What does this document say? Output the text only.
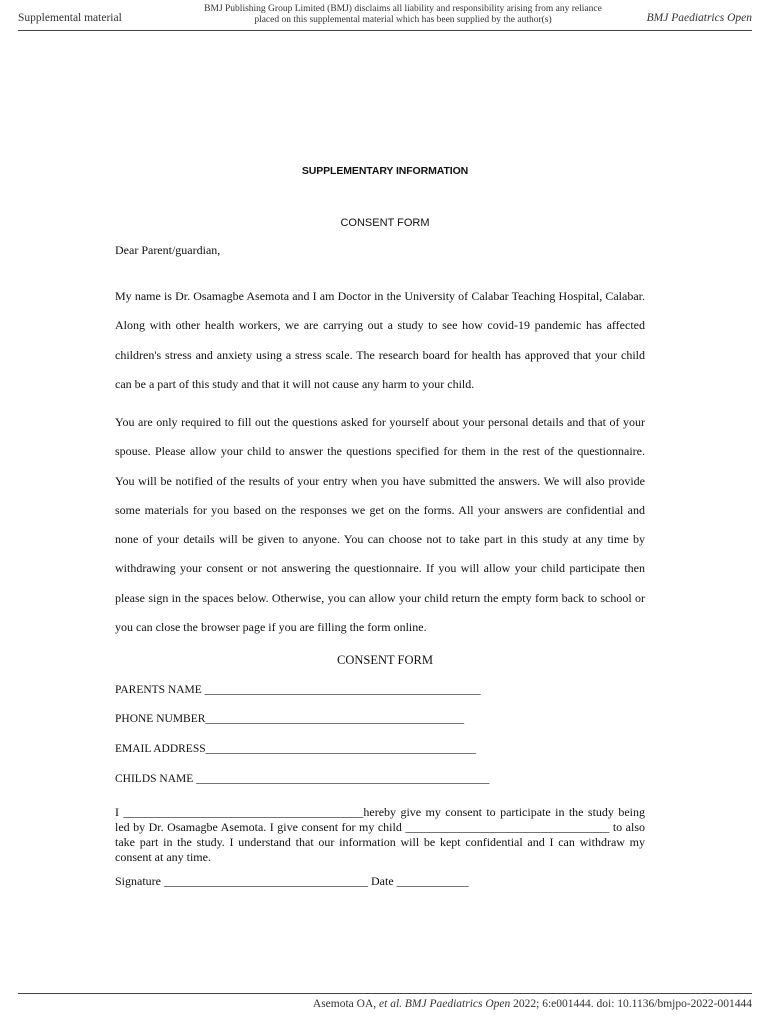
Supplemental material
BMJ Publishing Group Limited (BMJ) disclaims all liability and responsibility arising from any reliance
placed on this supplemental material which has been supplied by the author(s)	BMJ Paediatrics Open
SUPPLEMENTARY INFORMATION
CONSENT FORM
Dear Parent/guardian,

My name is Dr. Osamagbe Asemota and I am Doctor in the University of Calabar Teaching Hospital, Calabar. Along with other health workers, we are carrying out a study to see how covid-19 pandemic has affected children's stress and anxiety using a stress scale. The research board for health has approved that your child can be a part of this study and that it will not cause any harm to your child.

You are only required to fill out the questions asked for yourself about your personal details and that of your spouse. Please allow your child to answer the questions specified for them in the rest of the questionnaire. You will be notified of the results of your entry when you have submitted the answers. We will also provide some materials for you based on the responses we get on the forms. All your answers are confidential and none of your details will be given to anyone. You can choose not to take part in this study at any time by withdrawing your consent or not answering the questionnaire. If you will allow your child participate then please sign in the spaces below. Otherwise, you can allow your child return the empty form back to school or you can close the browser page if you are filling the form online.

CONSENT FORM
PARENTS NAME ________________________________________________
PHONE NUMBER_____________________________________________
EMAIL ADDRESS_______________________________________________
CHILDS NAME ___________________________________________________

I ________________________________________hereby give my consent to participate in the study being led by Dr. Osamagbe Asemota. I give consent for my child __________________________________ to also take part in the study. I understand that our information will be kept confidential and I can withdraw my consent at any time.

Signature __________________________________ Date ____________
Asemota OA, et al. BMJ Paediatrics Open 2022; 6:e001444. doi: 10.1136/bmjpo-2022-001444
